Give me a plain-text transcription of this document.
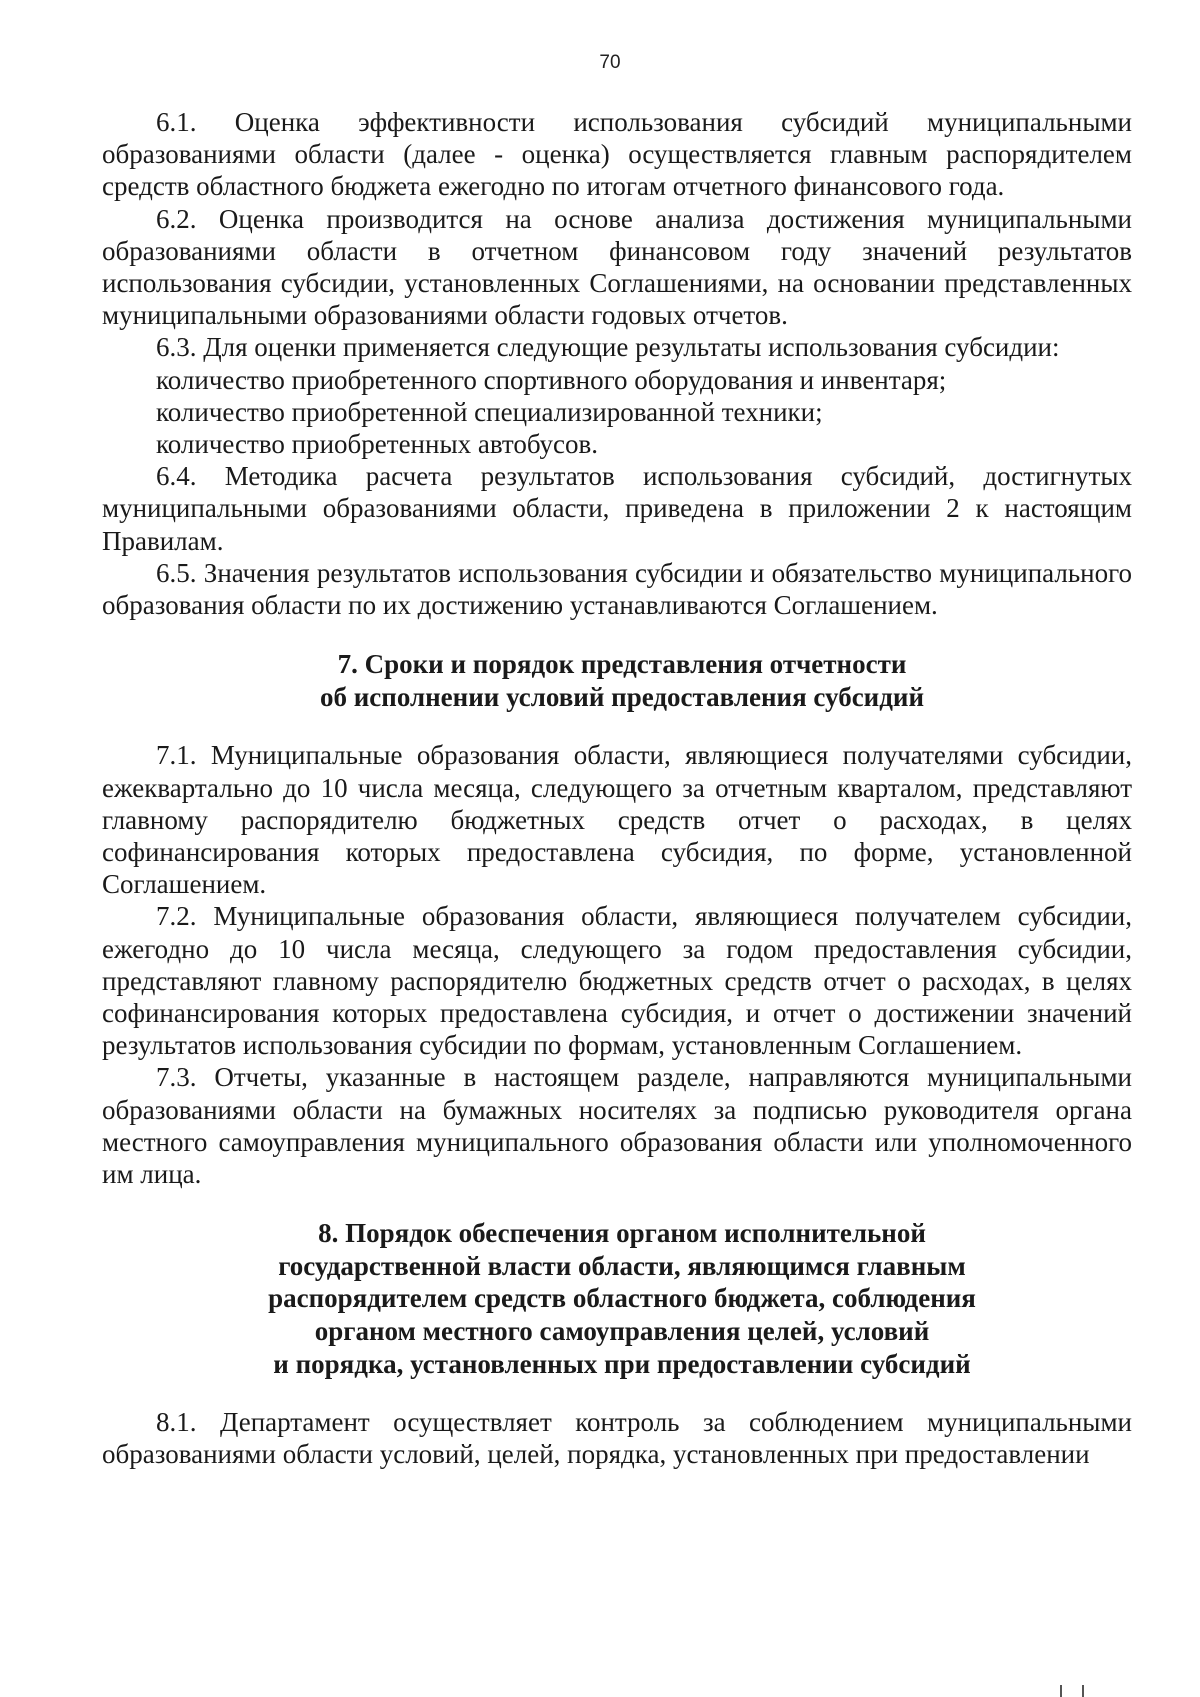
70

6.1. Оценка эффективности использования субсидий муниципальными образованиями области (далее - оценка) осуществляется главным распорядителем средств областного бюджета ежегодно по итогам отчетного финансового года.

6.2. Оценка производится на основе анализа достижения муниципальными образованиями области в отчетном финансовом году значений результатов использования субсидии, установленных Соглашениями, на основании представленных муниципальными образованиями области годовых отчетов.

6.3. Для оценки применяется следующие результаты использования субсидии:

количество приобретенного спортивного оборудования и инвентаря;

количество приобретенной специализированной техники;

количество приобретенных автобусов.

6.4. Методика расчета результатов использования субсидий, достигнутых муниципальными образованиями области, приведена в приложении 2 к настоящим Правилам.

6.5. Значения результатов использования субсидии и обязательство муниципального образования области по их достижению устанавливаются Соглашением.

7. Сроки и порядок представления отчетности
об исполнении условий предоставления субсидий

7.1. Муниципальные образования области, являющиеся получателями субсидии, ежеквартально до 10 числа месяца, следующего за отчетным кварталом, представляют главному распорядителю бюджетных средств отчет о расходах, в целях софинансирования которых предоставлена субсидия, по форме, установленной Соглашением.

7.2. Муниципальные образования области, являющиеся получателем субсидии, ежегодно до 10 числа месяца, следующего за годом предоставления субсидии, представляют главному распорядителю бюджетных средств отчет о расходах, в целях софинансирования которых предоставлена субсидия, и отчет о достижении значений результатов использования субсидии по формам, установленным Соглашением.

7.3. Отчеты, указанные в настоящем разделе, направляются муниципальными образованиями области на бумажных носителях за подписью руководителя органа местного самоуправления муниципального образования области или уполномоченного им лица.

8. Порядок обеспечения органом исполнительной
государственной власти области, являющимся главным
распорядителем средств областного бюджета, соблюдения
органом местного самоуправления целей, условий
и порядка, установленных при предоставлении субсидий

8.1. Департамент осуществляет контроль за соблюдением муниципальными образованиями области условий, целей, порядка, установленных при предоставлении
